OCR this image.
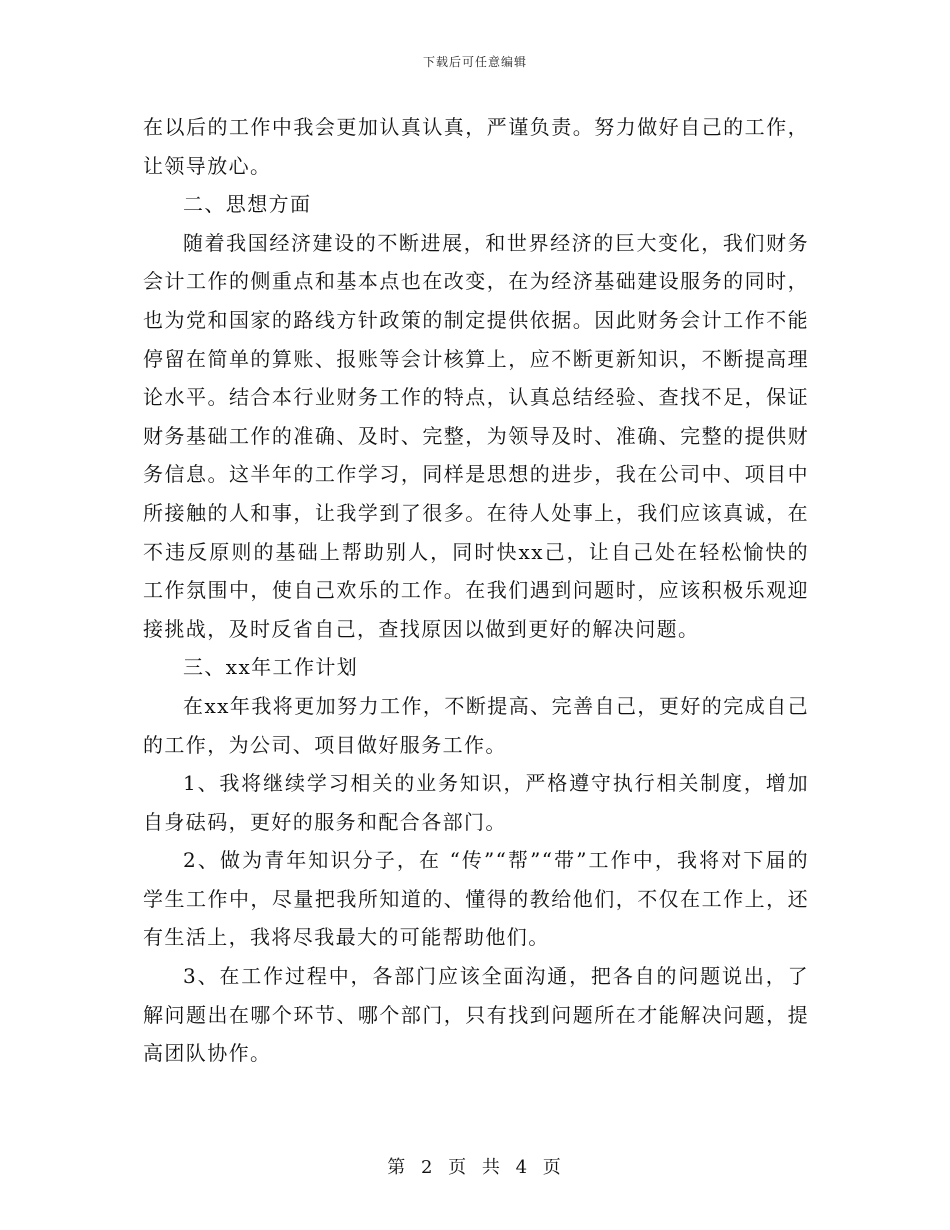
下载后可任意编辑

在以后的工作中我会更加认真认真，严谨负责。努力做好自己的工作，让领导放心。

二、思想方面

随着我国经济建设的不断进展，和世界经济的巨大变化，我们财务会计工作的侧重点和基本点也在改变，在为经济基础建设服务的同时，也为党和国家的路线方针政策的制定提供依据。因此财务会计工作不能停留在简单的算账、报账等会计核算上，应不断更新知识，不断提高理论水平。结合本行业财务工作的特点，认真总结经验、查找不足，保证财务基础工作的准确、及时、完整，为领导及时、准确、完整的提供财务信息。这半年的工作学习，同样是思想的进步，我在公司中、项目中所接触的人和事，让我学到了很多。在待人处事上，我们应该真诚，在不违反原则的基础上帮助别人，同时快xx己，让自己处在轻松愉快的工作氛围中，使自己欢乐的工作。在我们遇到问题时，应该积极乐观迎接挑战，及时反省自己，查找原因以做到更好的解决问题。

三、xx年工作计划

在xx年我将更加努力工作，不断提高、完善自己，更好的完成自己的工作，为公司、项目做好服务工作。

1、我将继续学习相关的业务知识，严格遵守执行相关制度，增加自身砝码，更好的服务和配合各部门。

2、做为青年知识分子，在 “传”“帮”“带”工作中，我将对下届的学生工作中，尽量把我所知道的、懂得的教给他们，不仅在工作上，还有生活上，我将尽我最大的可能帮助他们。

3、在工作过程中，各部门应该全面沟通，把各自的问题说出，了解问题出在哪个环节、哪个部门，只有找到问题所在才能解决问题，提高团队协作。

第 2 页 共 4 页
